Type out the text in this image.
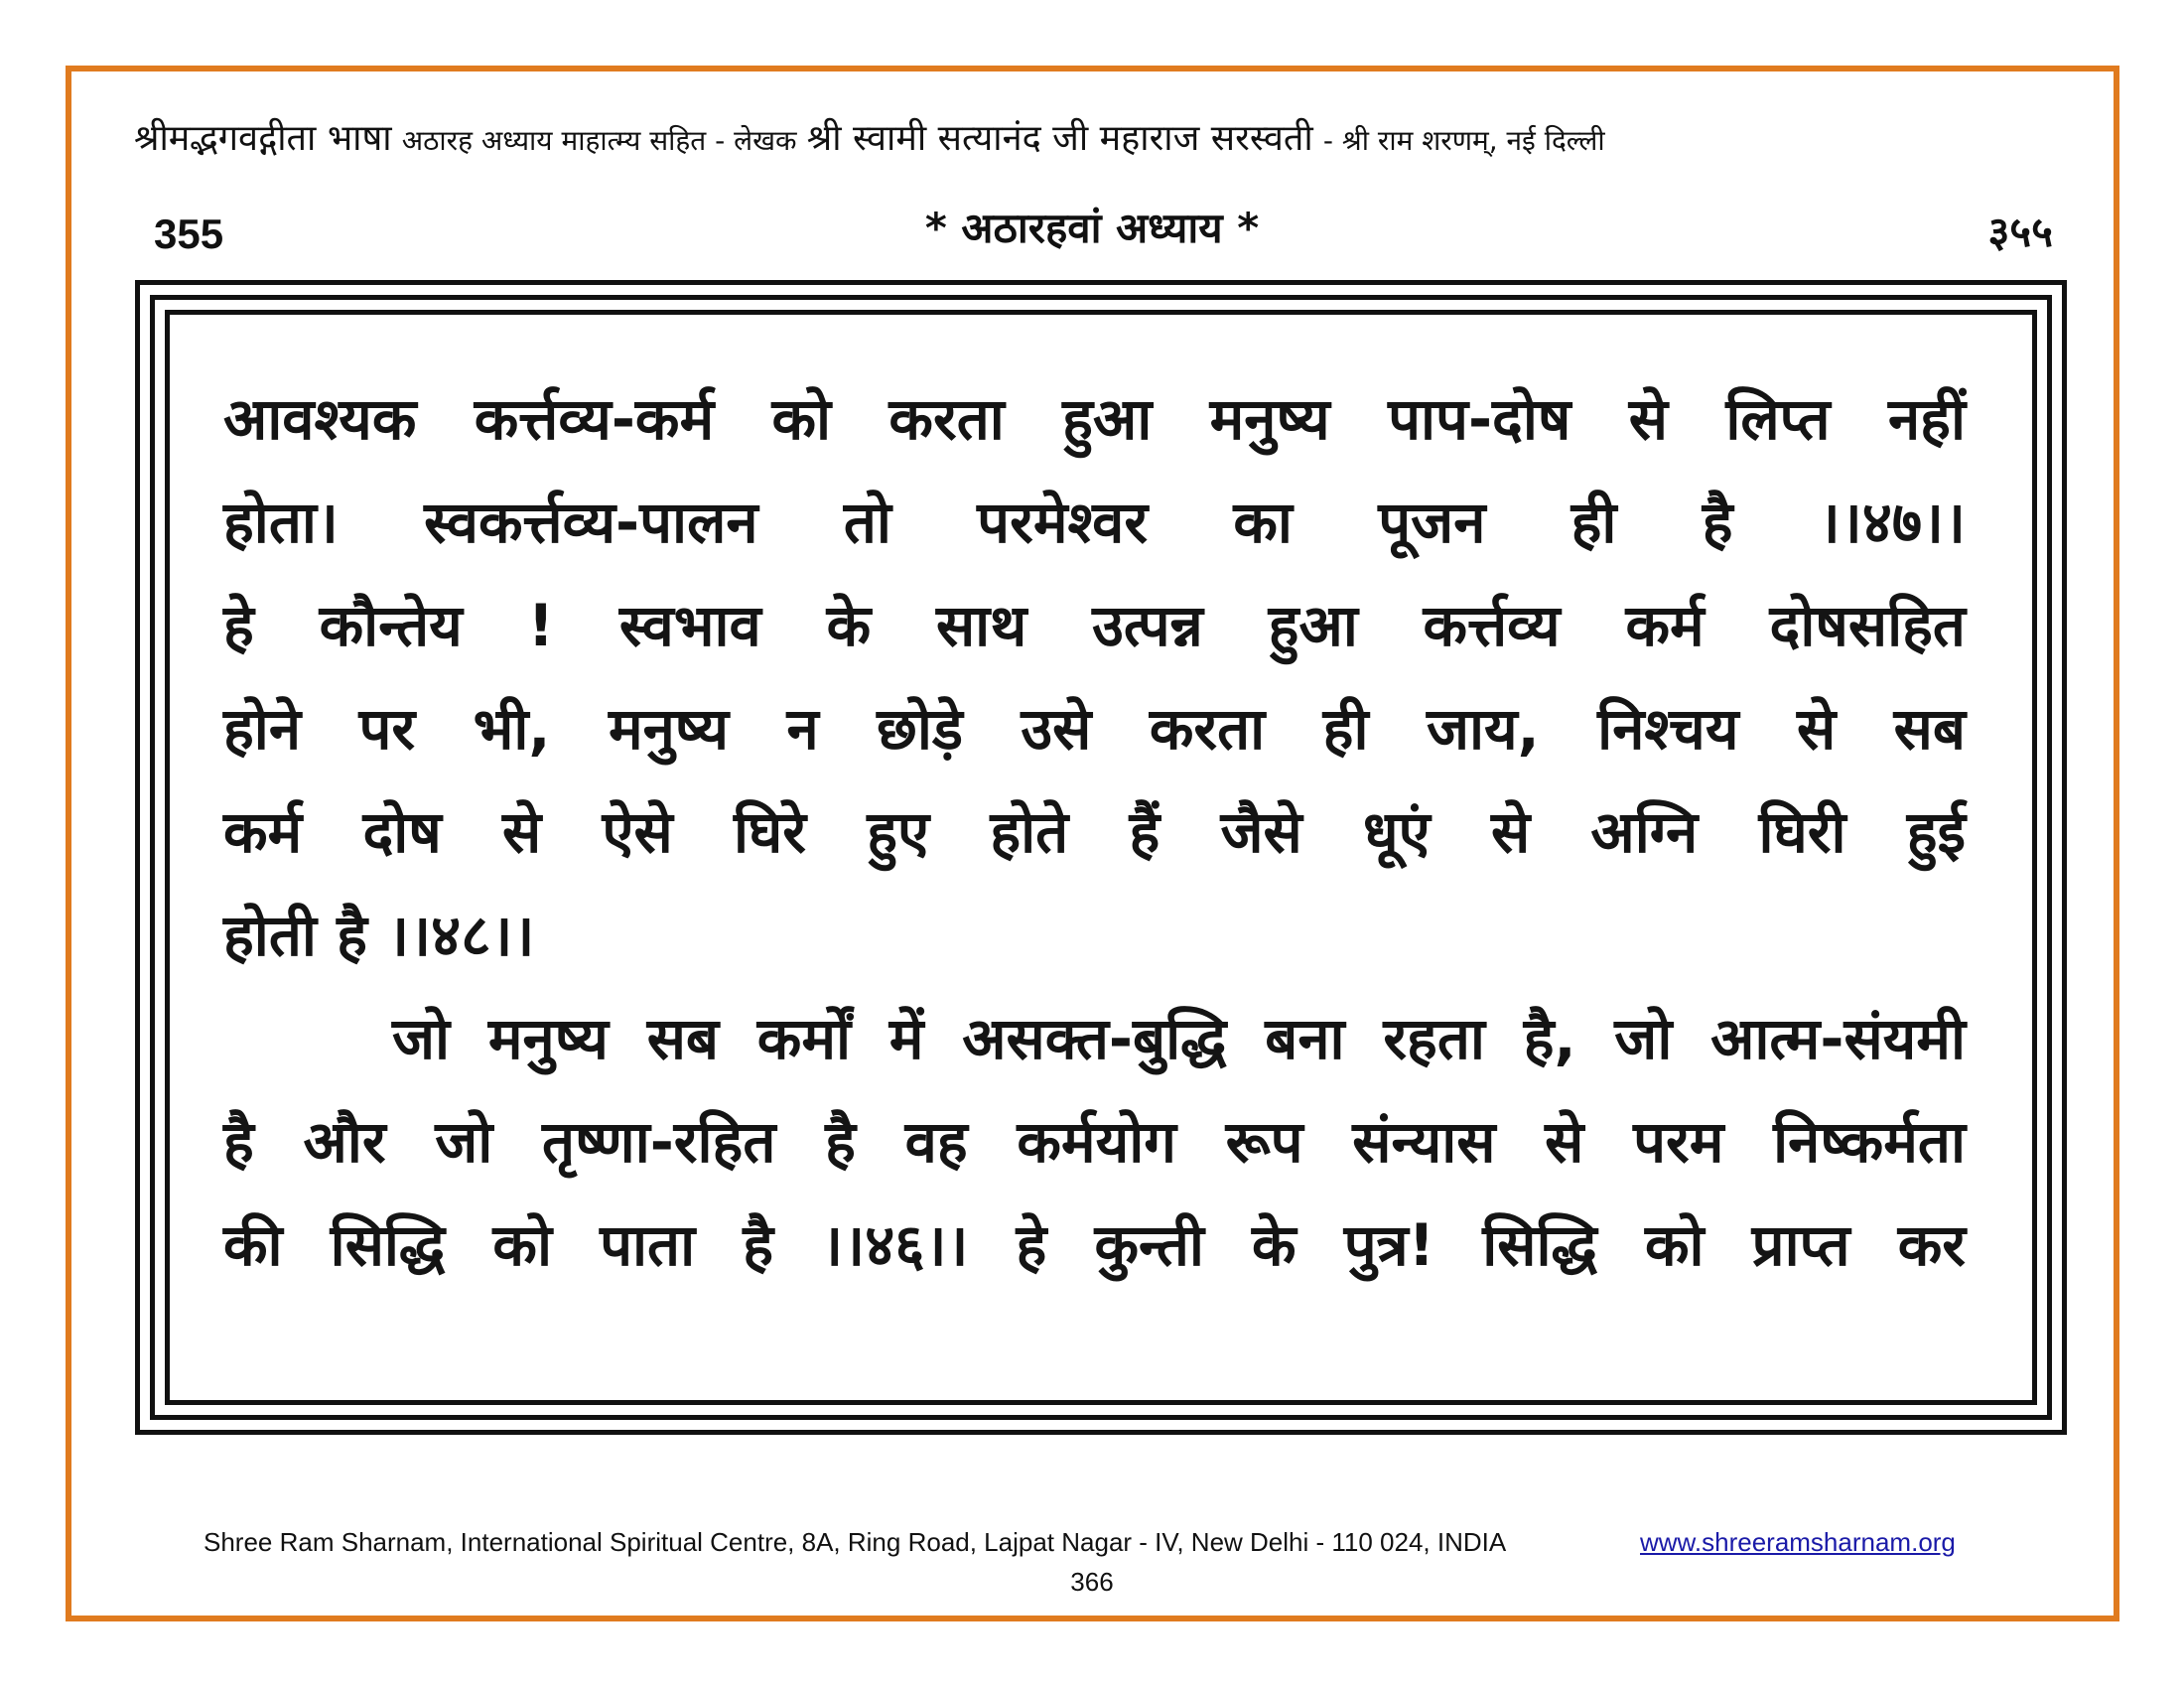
श्रीमद्भगवद्गीता भाषा अठारह अध्याय माहात्म्य सहित - लेखक श्री स्वामी सत्यानंद जी महाराज सरस्वती - श्री राम शरणम्, नई दिल्ली
355	* अठारहवां अध्याय *	३५५
आवश्यक कर्त्तव्य-कर्म को करता हुआ मनुष्य पाप-दोष से लिप्त नहीं
होता। स्वकर्त्तव्य-पालन तो परमेश्वर का पूजन ही है ।।४७।।
हे कौन्तेय ! स्वभाव के साथ उत्पन्न हुआ कर्त्तव्य कर्म दोषसहित
होने पर भी, मनुष्य न छोड़े उसे करता ही जाय, निश्चय से सब
कर्म दोष से ऐसे घिरे हुए होते हैं जैसे धूएं से अग्नि घिरी हुई
होती है ।।४८।।
जो मनुष्य सब कर्मों में असक्त-बुद्धि बना रहता है, जो आत्म-संयमी
है और जो तृष्णा-रहित है वह कर्मयोग रूप संन्यास से परम निष्कर्मता
की सिद्धि को पाता है ।।४६।। हे कुन्ती के पुत्र! सिद्धि को प्राप्त कर
Shree Ram Sharnam, International Spiritual Centre, 8A, Ring Road, Lajpat Nagar - IV, New Delhi - 110 024, INDIA	www.shreeramsharnam.org
366
